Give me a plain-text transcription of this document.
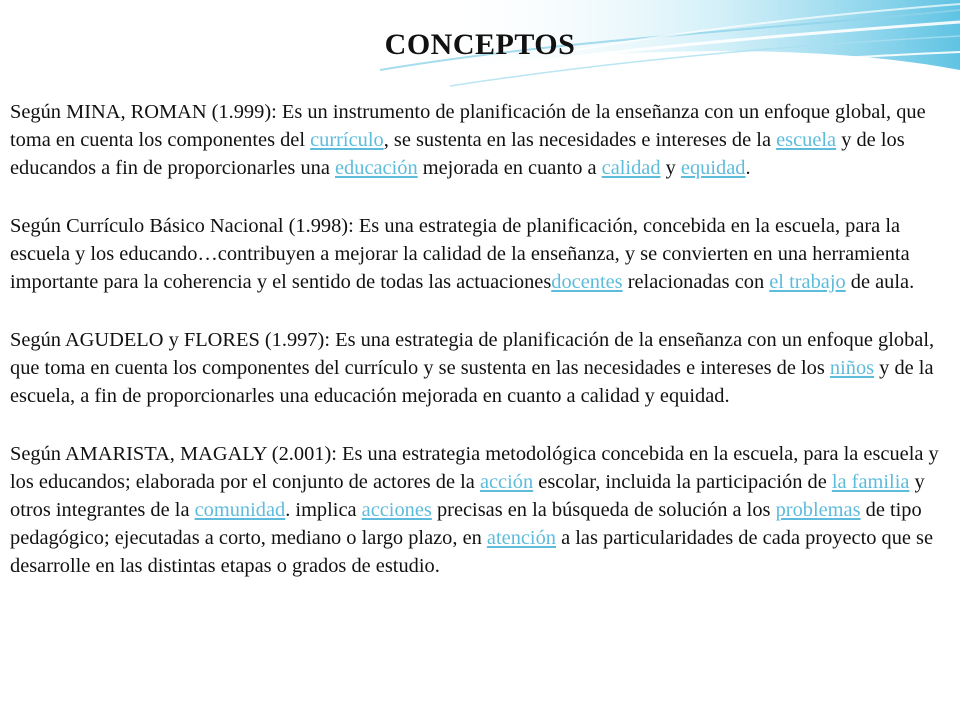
CONCEPTOS

Según MINA, ROMAN (1.999): Es un instrumento de planificación de la enseñanza con un enfoque global, que toma en cuenta los componentes del currículo, se sustenta en las necesidades e intereses de la escuela y de los educandos a fin de proporcionarles una educación mejorada en cuanto a calidad y equidad.

Según Currículo Básico Nacional (1.998): Es una estrategia de planificación, concebida en la escuela, para la escuela y los educando…contribuyen a mejorar la calidad de la enseñanza, y se convierten en una herramienta importante para la coherencia y el sentido de todas las actuacionesdocentes relacionadas con el trabajo de aula.

Según AGUDELO y FLORES (1.997): Es una estrategia de planificación de la enseñanza con un enfoque global, que toma en cuenta los componentes del currículo y se sustenta en las necesidades e intereses de los niños y de la escuela, a fin de proporcionarles una educación mejorada en cuanto a calidad y equidad.

Según AMARISTA, MAGALY (2.001): Es una estrategia metodológica concebida en la escuela, para la escuela y los educandos; elaborada por el conjunto de actores de la acción escolar, incluida la participación de la familia y otros integrantes de la comunidad. implica acciones precisas en la búsqueda de solución a los problemas de tipo pedagógico; ejecutadas a corto, mediano o largo plazo, en atención a las particularidades de cada proyecto que se desarrolle en las distintas etapas o grados de estudio.
